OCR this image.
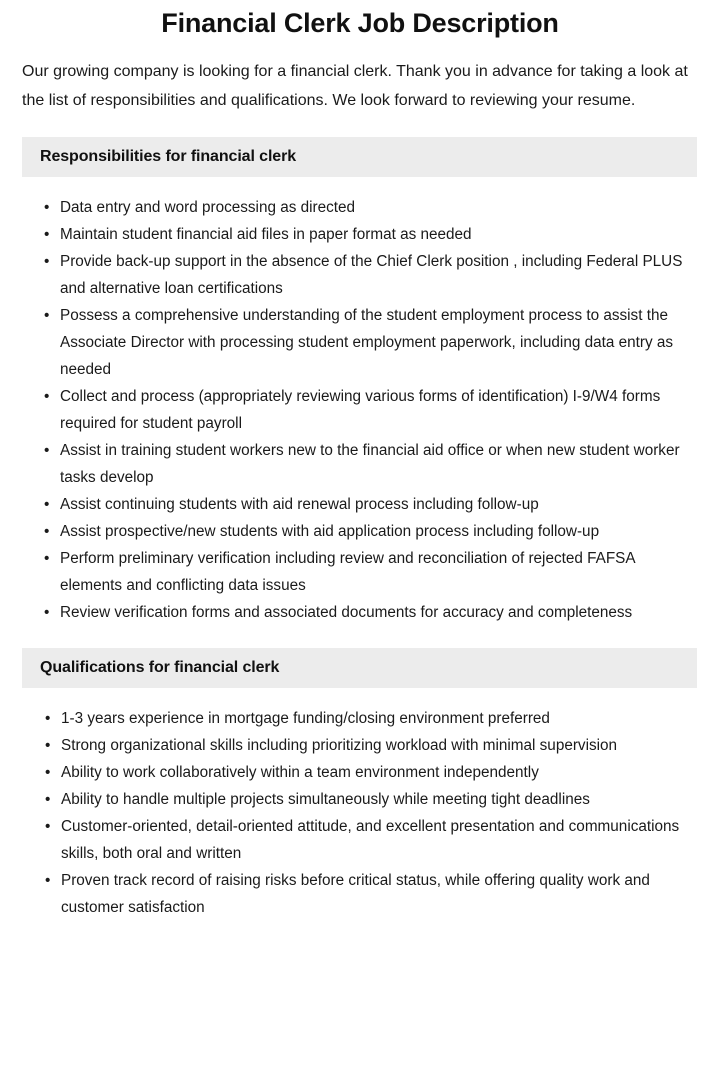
Financial Clerk Job Description

Our growing company is looking for a financial clerk. Thank you in advance for taking a look at the list of responsibilities and qualifications. We look forward to reviewing your resume.

Responsibilities for financial clerk
• Data entry and word processing as directed
• Maintain student financial aid files in paper format as needed
• Provide back-up support in the absence of the Chief Clerk position , including Federal PLUS and alternative loan certifications
• Possess a comprehensive understanding of the student employment process to assist the Associate Director with processing student employment paperwork, including data entry as needed
• Collect and process (appropriately reviewing various forms of identification) I-9/W4 forms required for student payroll
• Assist in training student workers new to the financial aid office or when new student worker tasks develop
• Assist continuing students with aid renewal process including follow-up
• Assist prospective/new students with aid application process including follow-up
• Perform preliminary verification including review and reconciliation of rejected FAFSA elements and conflicting data issues
• Review verification forms and associated documents for accuracy and completeness
Qualifications for financial clerk
• 1-3 years experience in mortgage funding/closing environment preferred
• Strong organizational skills including prioritizing workload with minimal supervision
• Ability to work collaboratively within a team environment independently
• Ability to handle multiple projects simultaneously while meeting tight deadlines
• Customer-oriented, detail-oriented attitude, and excellent presentation and communications skills, both oral and written
• Proven track record of raising risks before critical status, while offering quality work and customer satisfaction
